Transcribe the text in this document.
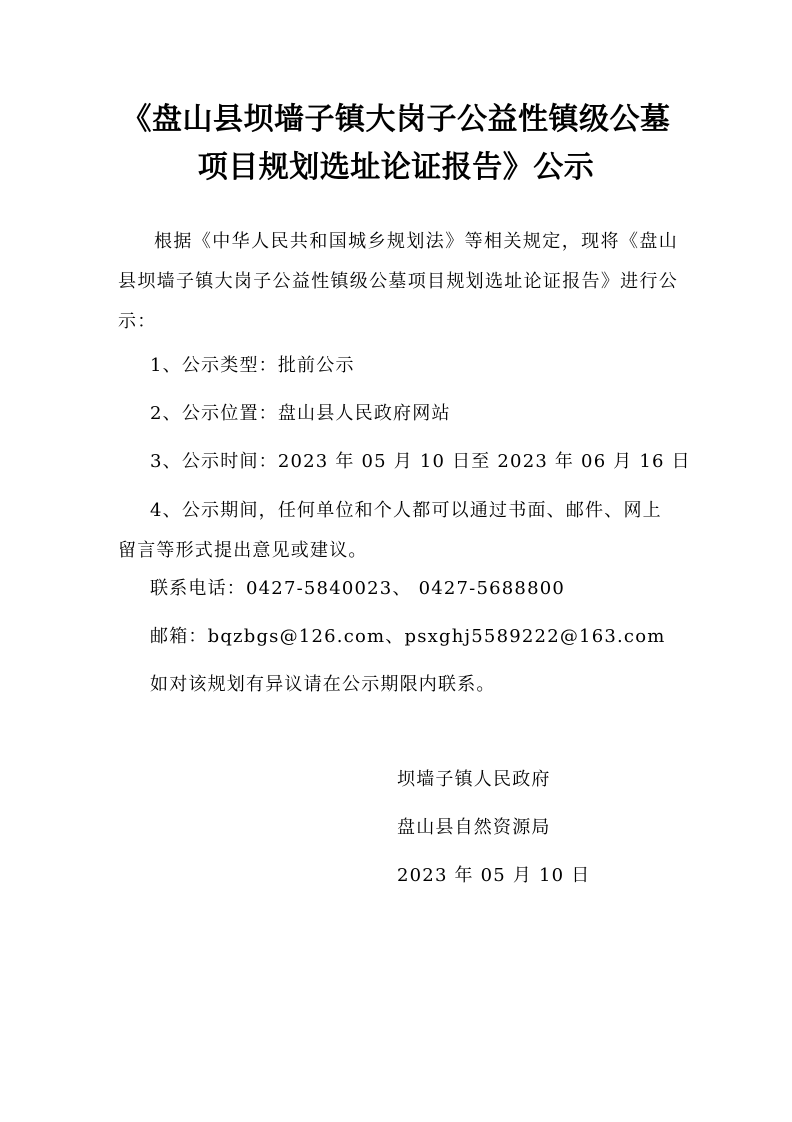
《盘山县坝墙子镇大岗子公益性镇级公墓
项目规划选址论证报告》公示
根据《中华人民共和国城乡规划法》等相关规定，现将《盘山县坝墙子镇大岗子公益性镇级公墓项目规划选址论证报告》进行公示：
1、公示类型：批前公示
2、公示位置：盘山县人民政府网站
3、公示时间：2023 年 05 月 10 日至 2023 年 06 月 16 日
4、公示期间，任何单位和个人都可以通过书面、邮件、网上留言等形式提出意见或建议。
联系电话：0427-5840023、 0427-5688800
邮箱：bqzbgs@126.com、psxghj5589222@163.com
如对该规划有异议请在公示期限内联系。
坝墙子镇人民政府
盘山县自然资源局
2023 年 05 月 10 日
